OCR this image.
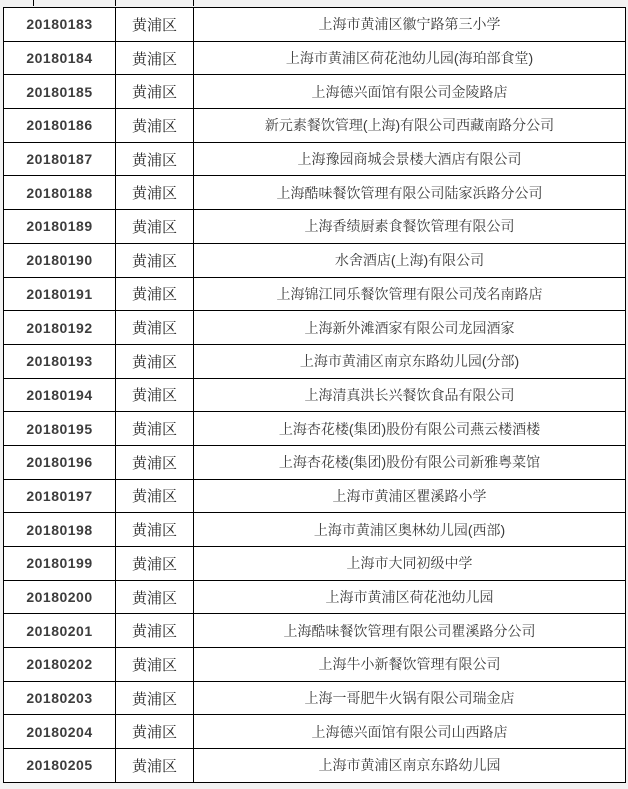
20180183	黄浦区	上海市黄浦区徽宁路第三小学
20180184	黄浦区	上海市黄浦区荷花池幼儿园(海珀部食堂)
20180185	黄浦区	上海德兴面馆有限公司金陵路店
20180186	黄浦区	新元素餐饮管理(上海)有限公司西藏南路分公司
20180187	黄浦区	上海豫园商城会景楼大酒店有限公司
20180188	黄浦区	上海酷味餐饮管理有限公司陆家浜路分公司
20180189	黄浦区	上海香绩厨素食餐饮管理有限公司
20180190	黄浦区	水舍酒店(上海)有限公司
20180191	黄浦区	上海锦江同乐餐饮管理有限公司茂名南路店
20180192	黄浦区	上海新外滩酒家有限公司龙园酒家
20180193	黄浦区	上海市黄浦区南京东路幼儿园(分部)
20180194	黄浦区	上海清真洪长兴餐饮食品有限公司
20180195	黄浦区	上海杏花楼(集团)股份有限公司燕云楼酒楼
20180196	黄浦区	上海杏花楼(集团)股份有限公司新雅粤菜馆
20180197	黄浦区	上海市黄浦区瞿溪路小学
20180198	黄浦区	上海市黄浦区奥林幼儿园(西部)
20180199	黄浦区	上海市大同初级中学
20180200	黄浦区	上海市黄浦区荷花池幼儿园
20180201	黄浦区	上海酷味餐饮管理有限公司瞿溪路分公司
20180202	黄浦区	上海牛小新餐饮管理有限公司
20180203	黄浦区	上海一哥肥牛火锅有限公司瑞金店
20180204	黄浦区	上海德兴面馆有限公司山西路店
20180205	黄浦区	上海市黄浦区南京东路幼儿园
